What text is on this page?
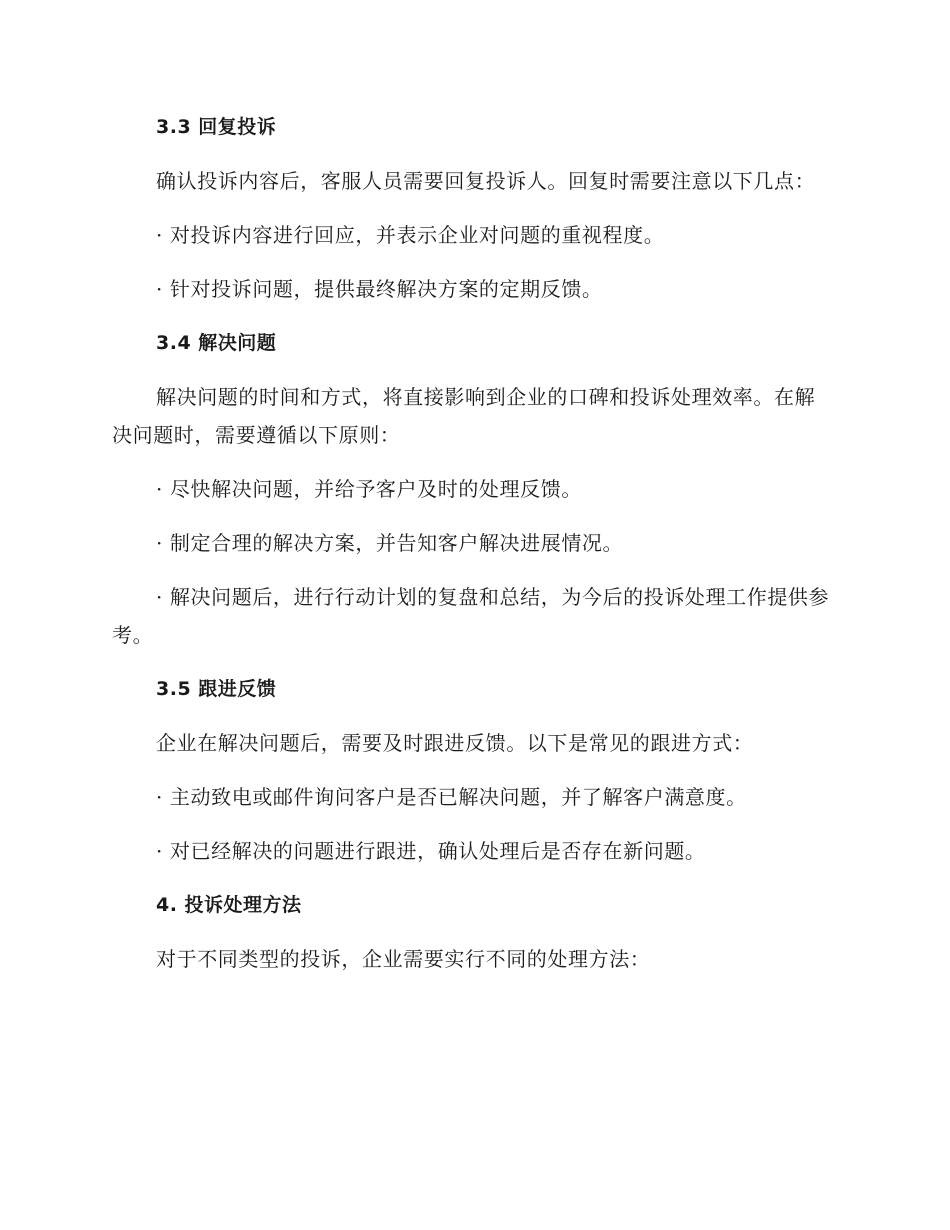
3.3 回复投诉
确认投诉内容后，客服人员需要回复投诉人。回复时需要注意以下几点：
· 对投诉内容进行回应，并表示企业对问题的重视程度。
· 针对投诉问题，提供最终解决方案的定期反馈。
3.4 解决问题
解决问题的时间和方式，将直接影响到企业的口碑和投诉处理效率。在解决问题时，需要遵循以下原则：
· 尽快解决问题，并给予客户及时的处理反馈。
· 制定合理的解决方案，并告知客户解决进展情况。
· 解决问题后，进行行动计划的复盘和总结，为今后的投诉处理工作提供参考。
3.5 跟进反馈
企业在解决问题后，需要及时跟进反馈。以下是常见的跟进方式：
· 主动致电或邮件询问客户是否已解决问题，并了解客户满意度。
· 对已经解决的问题进行跟进，确认处理后是否存在新问题。
4. 投诉处理方法
对于不同类型的投诉，企业需要实行不同的处理方法：
